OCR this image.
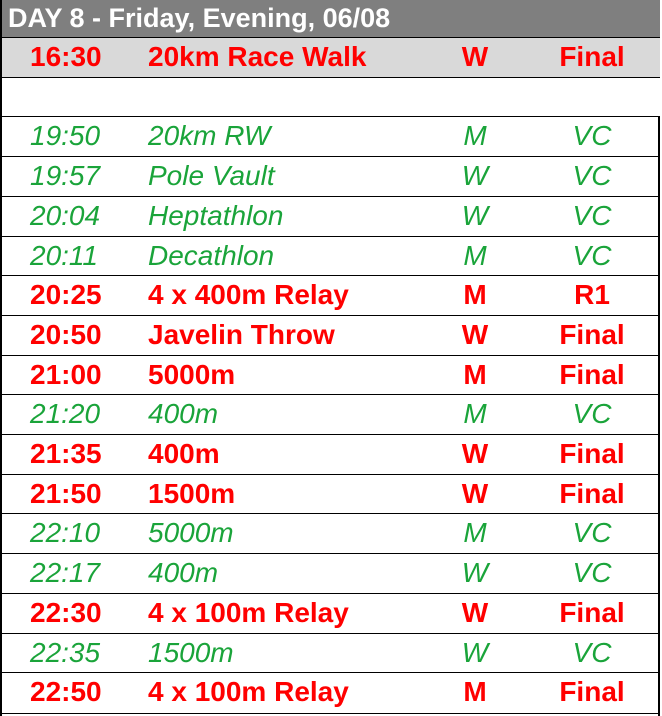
DAY 8 - Friday, Evening, 06/08
16:30	20km Race Walk	W	Final
19:50	20km RW	M	VC
19:57	Pole Vault	W	VC
20:04	Heptathlon	W	VC
20:11	Decathlon	M	VC
20:25	4 x 400m Relay	M	R1
20:50	Javelin Throw	W	Final
21:00	5000m	M	Final
21:20	400m	M	VC
21:35	400m	W	Final
21:50	1500m	W	Final
22:10	5000m	M	VC
22:17	400m	W	VC
22:30	4 x 100m Relay	W	Final
22:35	1500m	W	VC
22:50	4 x 100m Relay	M	Final
